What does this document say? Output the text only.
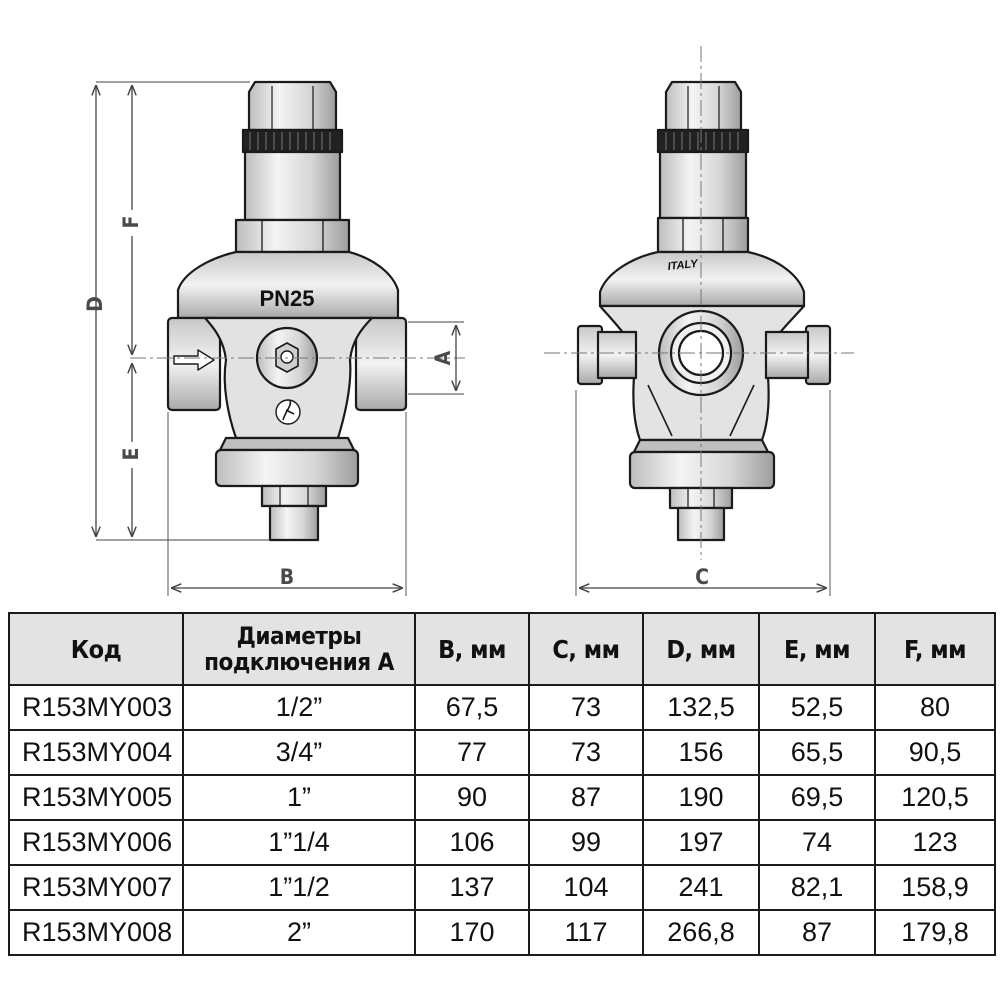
PN25
D
F
E
A
B
ITALY
C
Код	Диаметры
подключения A	B, мм	C, мм	D, мм	E, мм	F, мм
R153MY003	1/2”	67,5	73	132,5	52,5	80
R153MY004	3/4”	77	73	156	65,5	90,5
R153MY005	1”	90	87	190	69,5	120,5
R153MY006	1”1/4	106	99	197	74	123
R153MY007	1”1/2	137	104	241	82,1	158,9
R153MY008	2”	170	117	266,8	87	179,8
